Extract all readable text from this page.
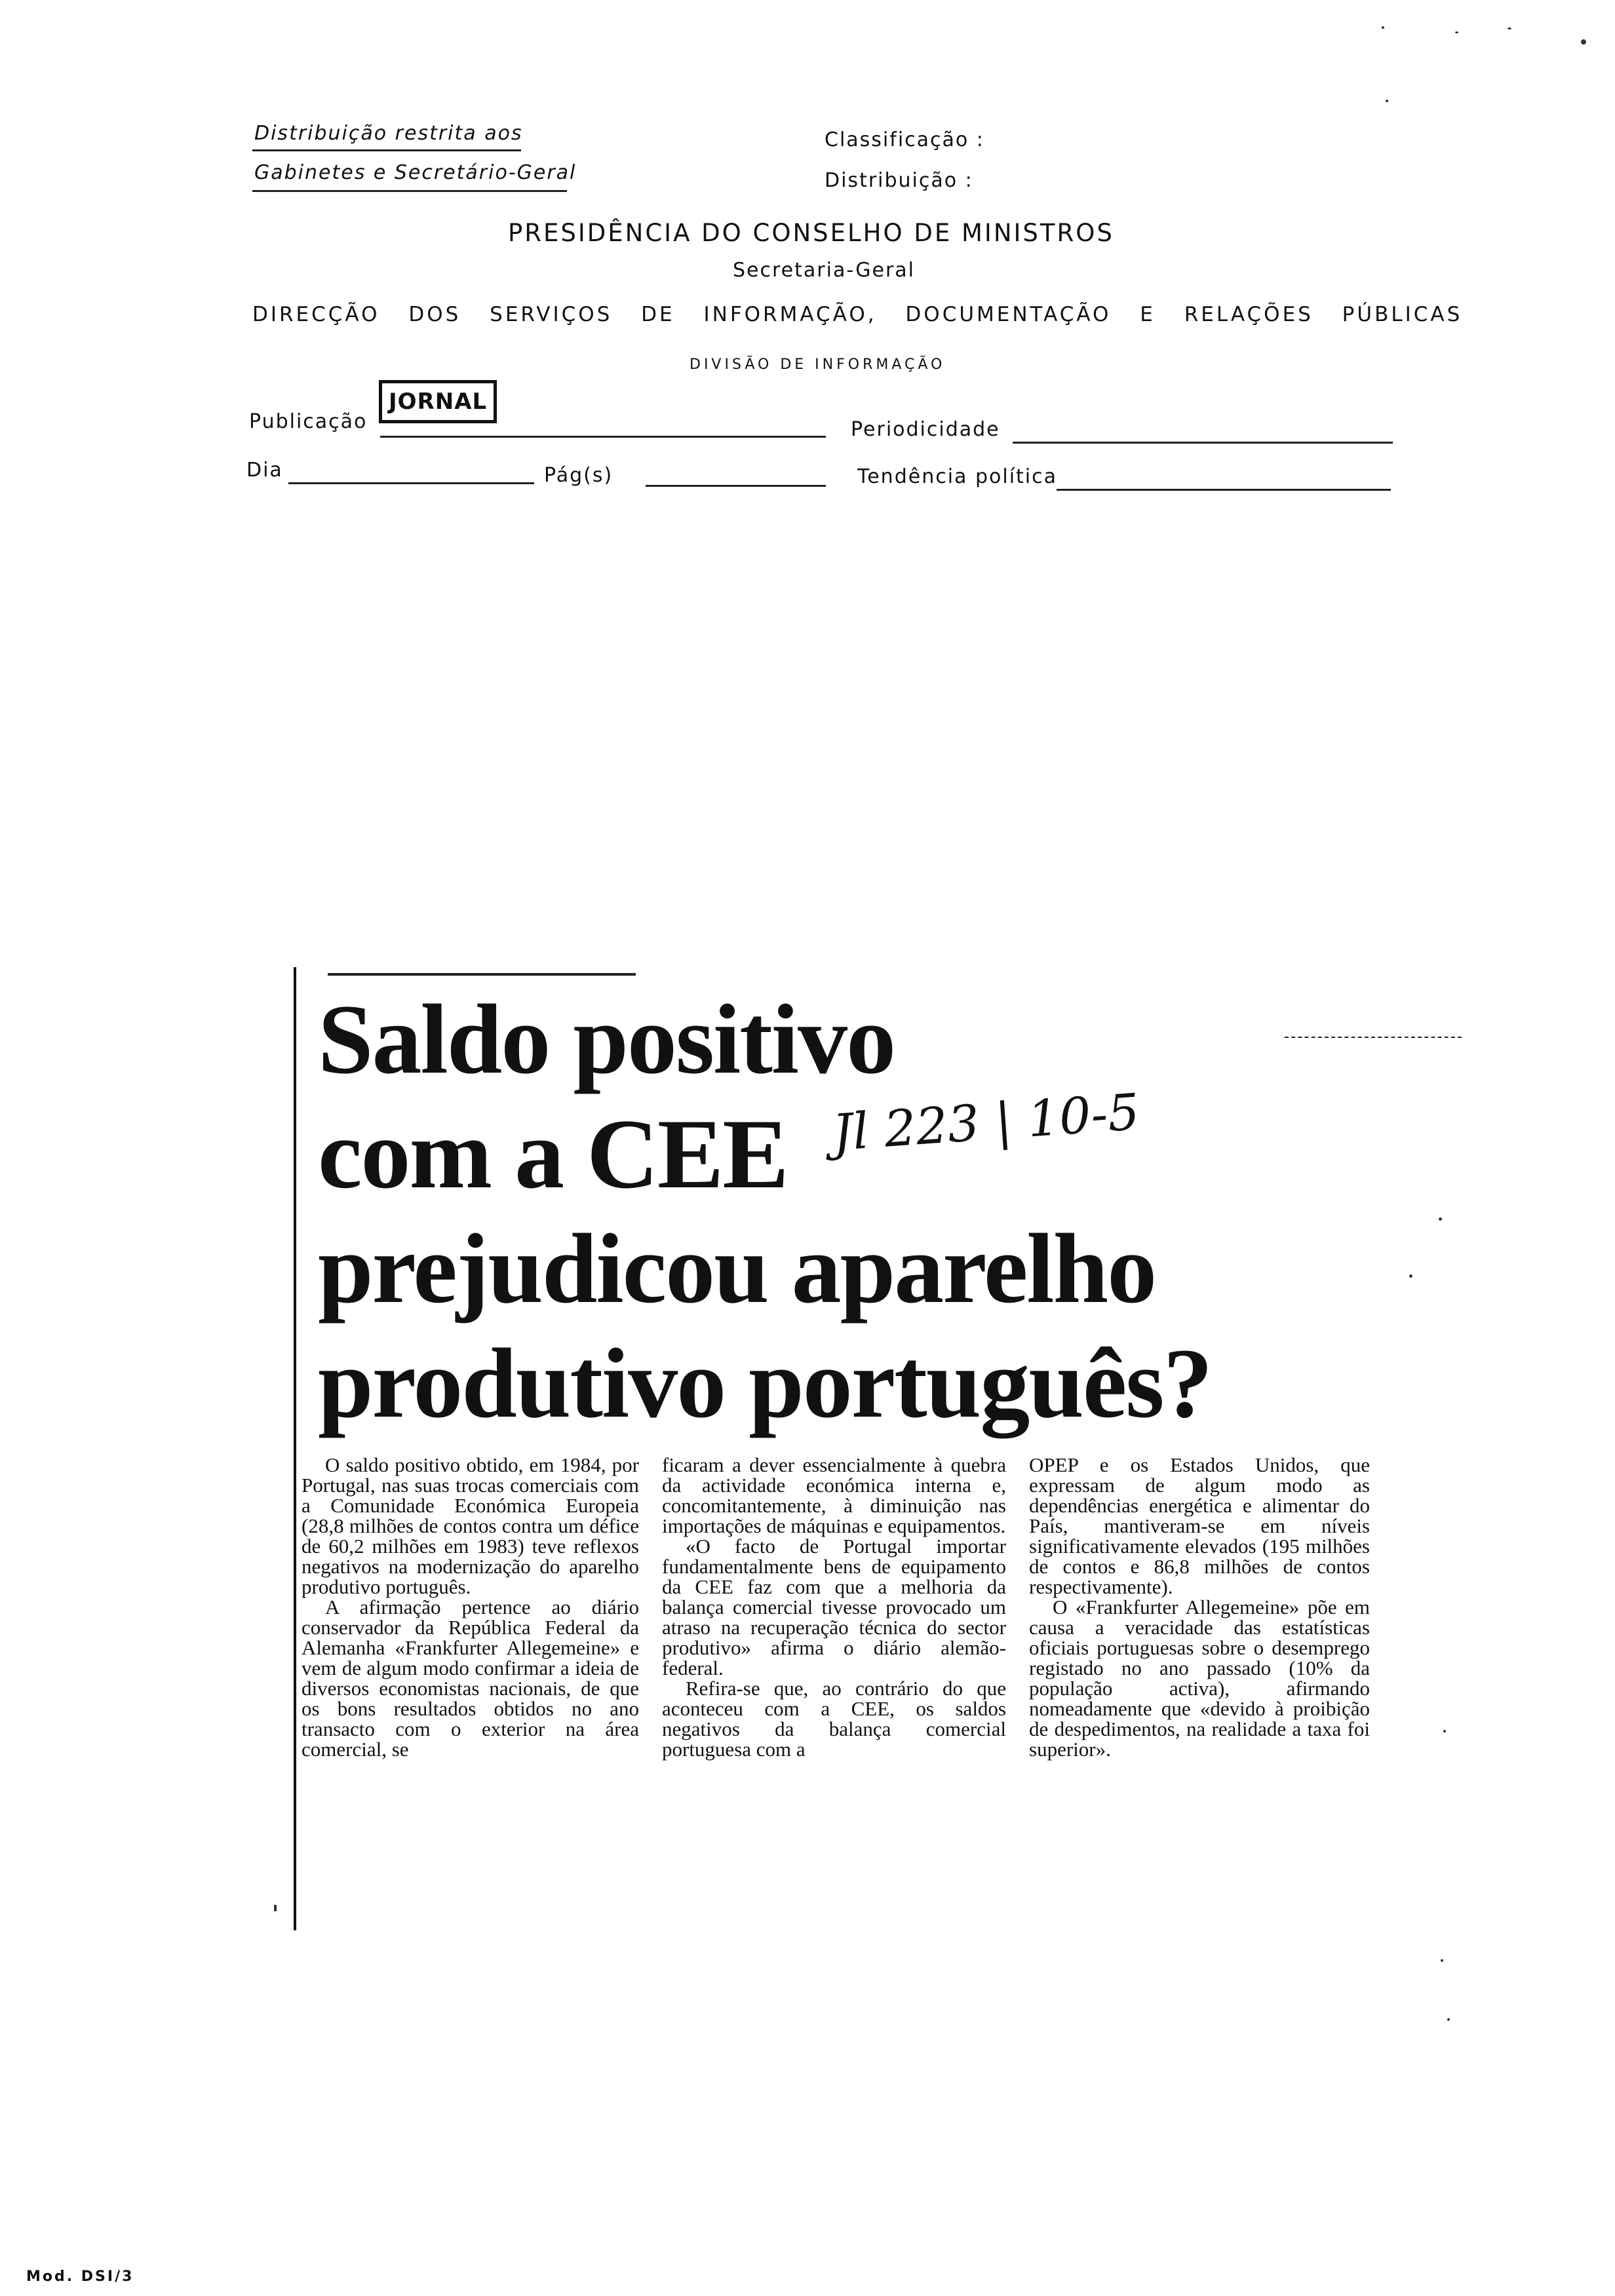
Distribuição restrita aos
Gabinetes e Secretário-Geral
Classificação :
Distribuição :
PRESIDÊNCIA DO CONSELHO DE MINISTROS
Secretaria-Geral
DIRECÇÃO DOS SERVIÇOS DE INFORMAÇÃO, DOCUMENTAÇÃO E RELAÇÕES PÚBLICAS
DIVISÃO DE INFORMAÇÃO
Publicação
JORNAL
Periodicidade
Dia	Pág(s)	Tendência política
Saldo positivo
com a CEE
prejudicou aparelho
produtivo português?
Jl 223 | 10-5

O saldo positivo obtido, em 1984, por Portugal, nas suas trocas comerciais com a Comunidade Económica Europeia (28,8 milhões de contos contra um défice de 60,2 milhões em 1983) teve reflexos negativos na modernização do aparelho produtivo português.

A afirmação pertence ao diário conservador da República Federal da Alemanha «Frankfurter Allegemeine» e vem de algum modo confirmar a ideia de diversos economistas nacionais, de que os bons resultados obtidos no ano transacto com o exterior na área comercial, se

ficaram a dever essencialmente à quebra da actividade económica interna e, concomitantemente, à diminuição nas importações de máquinas e equipamentos.

«O facto de Portugal importar fundamentalmente bens de equipamento da CEE faz com que a melhoria da balança comercial tivesse provocado um atraso na recuperação técnica do sector produtivo» afirma o diário alemão-federal.

Refira-se que, ao contrário do que aconteceu com a CEE, os saldos negativos da balança comercial portuguesa com a

OPEP e os Estados Unidos, que expressam de algum modo as dependências energética e alimentar do País, mantiveram-se em níveis significativamente elevados (195 milhões de contos e 86,8 milhões de contos respectivamente).

O «Frankfurter Allegemeine» põe em causa a veracidade das estatísticas oficiais portuguesas sobre o desemprego registado no ano passado (10% da população activa), afirmando nomeadamente que «devido à proibição de despedimentos, na realidade a taxa foi superior».

Mod. DSI/3
